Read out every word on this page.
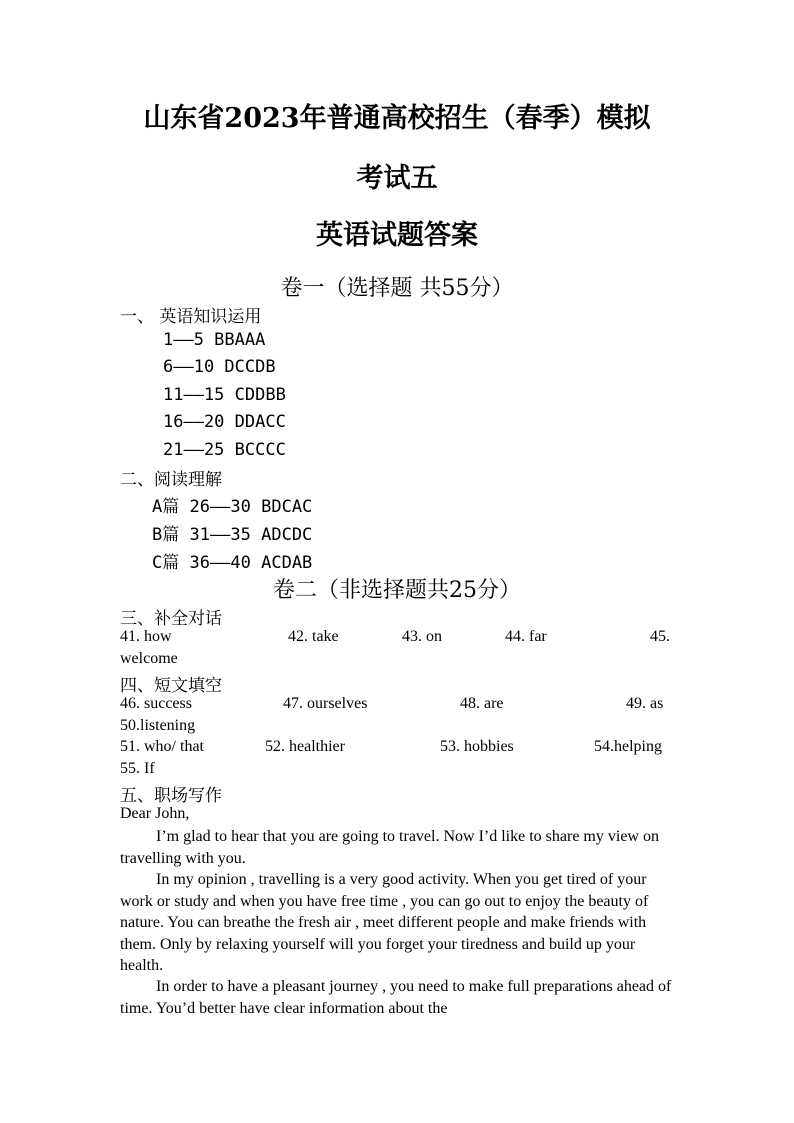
山东省2023年普通高校招生（春季）模拟
考试五
英语试题答案
卷一（选择题 共55分）
一、 英语知识运用
1——5 BBAAA
6——10 DCCDB
11——15 CDDBB
16——20 DDACC
21——25 BCCCC
二、阅读理解
A篇 26——30 BDCAC
B篇 31——35 ADCDC
C篇 36——40 ACDAB
卷二（非选择题共25分）
三、补全对话
41. how	42. take	43. on	44. far	45.
welcome
四、短文填空
46. success	47. ourselves	48. are	49. as
50.listening
51. who/ that	52. healthier	53. hobbies	54.helping
55. If
五、职场写作
Dear John,
I’m glad to hear that you are going to travel. Now I’d like to share my view on travelling with you.
In my opinion , travelling is a very good activity. When you get tired of your work or study and when you have free time , you can go out to enjoy the beauty of nature. You can breathe the fresh air , meet different people and make friends with them. Only by relaxing yourself will you forget your tiredness and build up your health.
In order to have a pleasant journey , you need to make full preparations ahead of time. You’d better have clear information about the
